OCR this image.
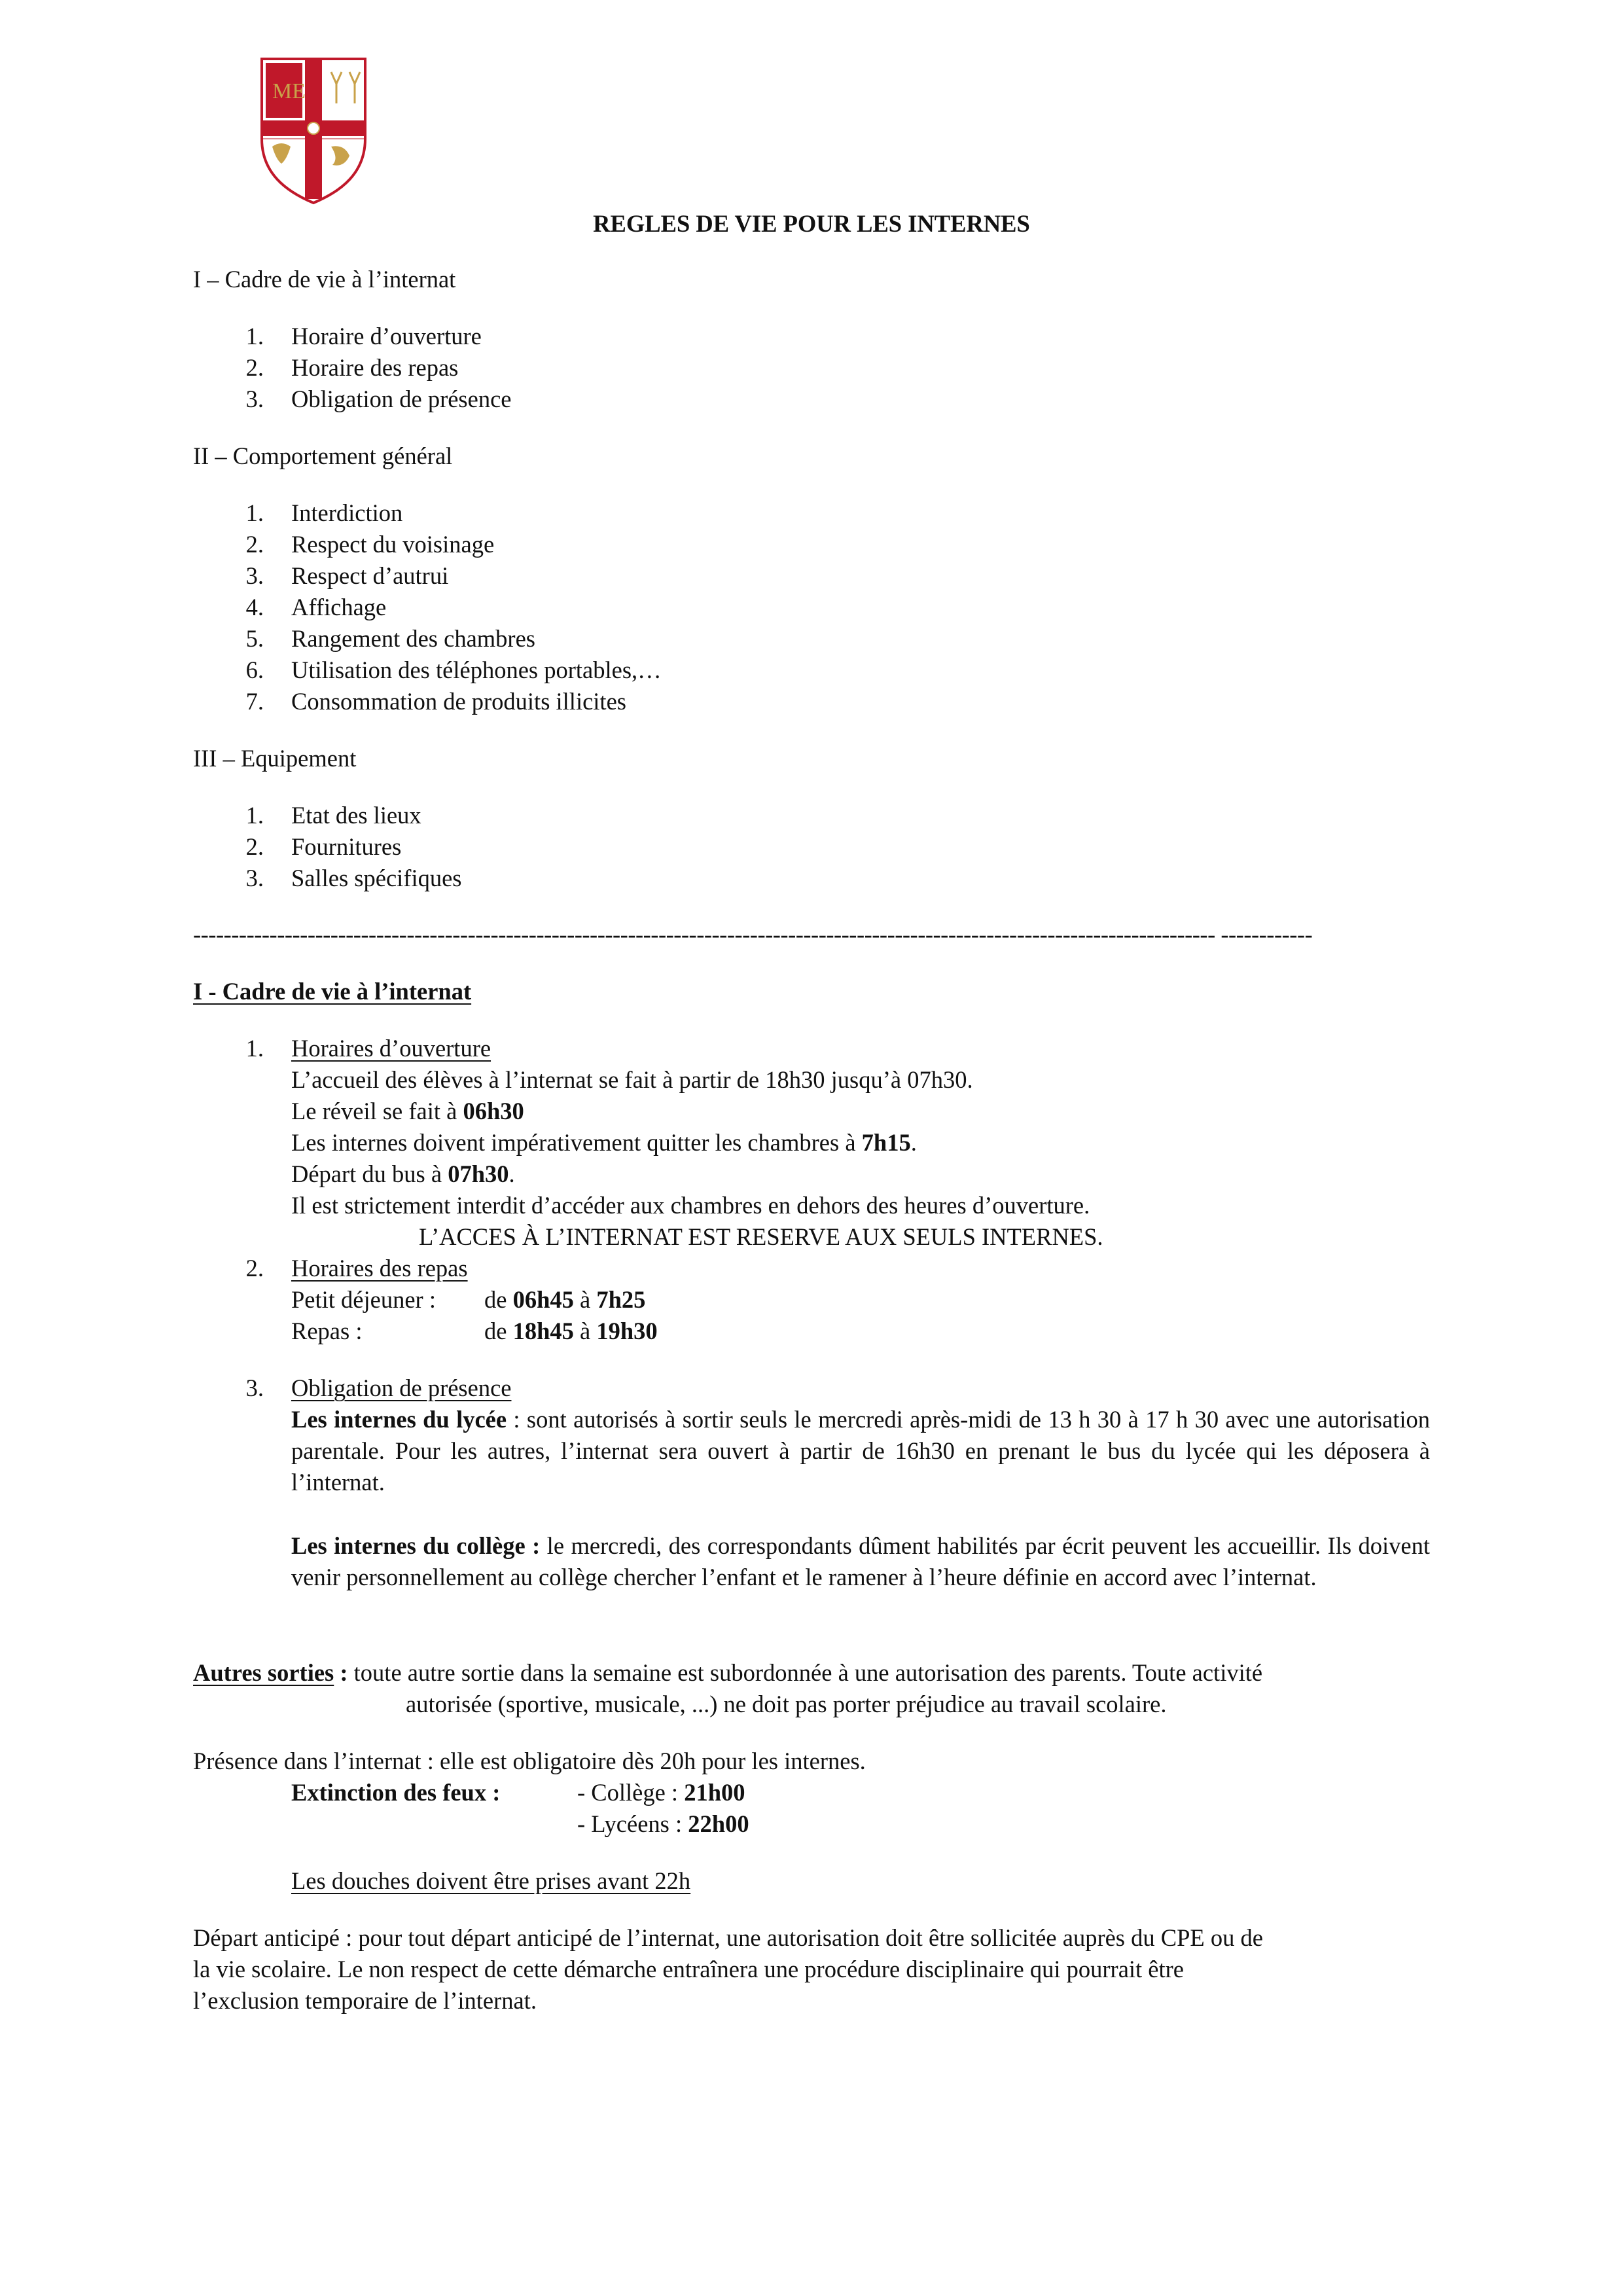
ME
REGLES DE VIE POUR LES INTERNES
I – Cadre de vie à l’internat
1. Horaire d’ouverture
2. Horaire des repas
3. Obligation de présence
II – Comportement général
1. Interdiction
2. Respect du voisinage
3. Respect d’autrui
4. Affichage
5. Rangement des chambres
6. Utilisation des téléphones portables,…
7. Consommation de produits illicites
III – Equipement
1. Etat des lieux
2. Fournitures
3. Salles spécifiques
-------------------------------------------------------------------------------------------------------------------------------------- ------------
I - Cadre de vie à l’internat
1. Horaires d’ouverture
L’accueil des élèves à l’internat se fait à partir de 18h30 jusqu’à 07h30.
Le réveil se fait à 06h30
Les internes doivent impérativement quitter les chambres à 7h15.
Départ du bus à 07h30.
Il est strictement interdit d’accéder aux chambres en dehors des heures d’ouverture.
L’ACCES À L’INTERNAT EST RESERVE AUX SEULS INTERNES.
2. Horaires des repas
Petit déjeuner : de 06h45 à 7h25
Repas :	de 18h45 à 19h30
3. Obligation de présence
Les internes du lycée : sont autorisés à sortir seuls le mercredi après-midi de 13 h 30 à 17 h 30 avec une autorisation parentale. Pour les autres, l’internat sera ouvert à partir de 16h30 en prenant le bus du lycée qui les déposera à l’internat.
Les internes du collège : le mercredi, des correspondants dûment habilités par écrit peuvent les accueillir. Ils doivent venir personnellement au collège chercher l’enfant et le ramener à l’heure définie en accord avec l’internat.
Autres sorties : toute autre sortie dans la semaine est subordonnée à une autorisation des parents. Toute activité
autorisée (sportive, musicale, ...) ne doit pas porter préjudice au travail scolaire.
Présence dans l’internat : elle est obligatoire dès 20h pour les internes.
Extinction des feux :	- Collège : 21h00
- Lycéens : 22h00
Les douches doivent être prises avant 22h
Départ anticipé : pour tout départ anticipé de l’internat, une autorisation doit être sollicitée auprès du CPE ou de
la vie scolaire. Le non respect de cette démarche entraînera une procédure disciplinaire qui pourrait être
l’exclusion temporaire de l’internat.
